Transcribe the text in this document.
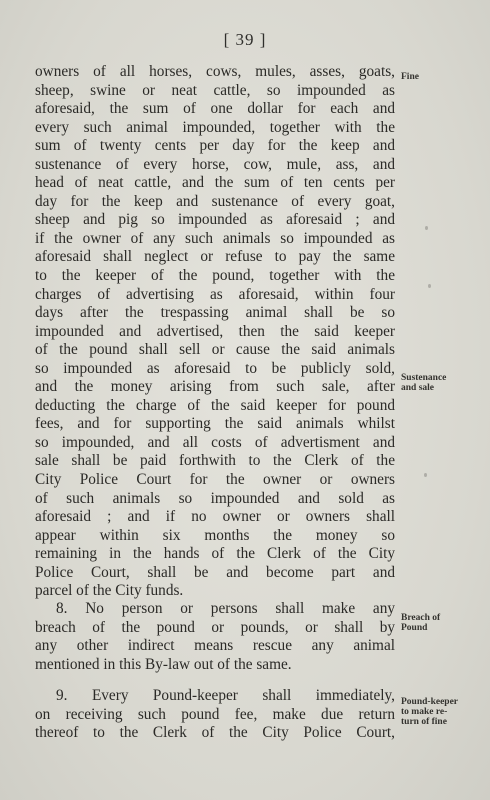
[ 39 ]
owners of all horses, cows, mules, asses, goats,
sheep, swine or neat cattle, so impounded as
aforesaid, the sum of one dollar for each and
every such animal impounded, together with the
sum of twenty cents per day for the keep and
sustenance of every horse, cow, mule, ass, and
head of neat cattle, and the sum of ten cents per
day for the keep and sustenance of every goat,
sheep and pig so impounded as aforesaid ; and
if the owner of any such animals so impounded as
aforesaid shall neglect or refuse to pay the same
to the keeper of the pound, together with the
charges of advertising as aforesaid, within four
days after the trespassing animal shall be so
impounded and advertised, then the said keeper
of the pound shall sell or cause the said animals
so impounded as aforesaid to be publicly sold,
and the money arising from such sale, after
deducting the charge of the said keeper for pound
fees, and for supporting the said animals whilst
so impounded, and all costs of advertisment and
sale shall be paid forthwith to the Clerk of the
City Police Court for the owner or owners
of such animals so impounded and sold as
aforesaid ; and if no owner or owners shall
appear within six months the money so
remaining in the hands of the Clerk of the City
Police Court, shall be and become part and
parcel of the City funds.
8. No person or persons shall make any
breach of the pound or pounds, or shall by
any other indirect means rescue any animal
mentioned in this By-law out of the same.
9. Every Pound-keeper shall immediately,
on receiving such pound fee, make due return
thereof to the Clerk of the City Police Court,
Fine
Sustenance
and sale
Breach of
Pound
Pound-keeper
to make re-
turn of fine
